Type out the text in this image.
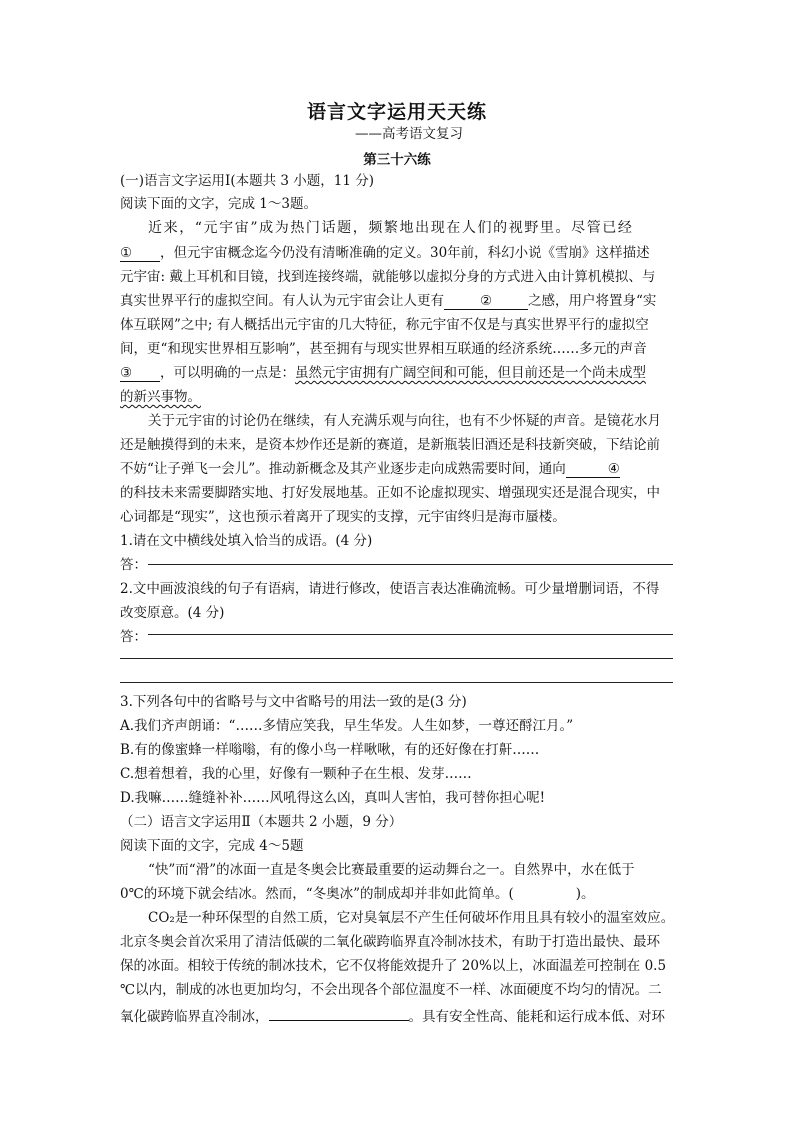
语言文字运用天天练
——高考语文复习
第三十六练
(一)语言文字运用Ⅰ(本题共 3 小题，11 分)
阅读下面的文字，完成 1～3题。
近来，“元宇宙”成为热门话题，频繁地出现在人们的视野里。尽管已经
① ，但元宇宙概念迄今仍没有清晰准确的定义。30年前，科幻小说《雪崩》这样描述
元宇宙: 戴上耳机和目镜，找到连接终端，就能够以虚拟分身的方式进入由计算机模拟、与
真实世界平行的虚拟空间。有人认为元宇宙会让人更有	②	之感，用户将置身“实
体互联网”之中; 有人概括出元宇宙的几大特征，称元宇宙不仅是与真实世界平行的虚拟空
间，更“和现实世界相互影响”，甚至拥有与现实世界相互联通的经济系统……多元的声音
③ ，可以明确的一点是：虽然元宇宙拥有广阔空间和可能，但目前还是一个尚未成型
的新兴事物。
关于元宇宙的讨论仍在继续，有人充满乐观与向往，也有不少怀疑的声音。是镜花水月
还是触摸得到的未来，是资本炒作还是新的赛道，是新瓶装旧酒还是科技新突破，下结论前
不妨“让子弹飞一会儿”。推动新概念及其产业逐步走向成熟需要时间，通向	④
的科技未来需要脚踏实地、打好发展地基。正如不论虚拟现实、增强现实还是混合现实，中
心词都是“现实”，这也预示着离开了现实的支撑，元宇宙终归是海市蜃楼。
1.请在文中横线处填入恰当的成语。(4 分)
答：
2.文中画波浪线的句子有语病，请进行修改，使语言表达准确流畅。可少量增删词语，不得
改变原意。(4 分)
答：
3.下列各句中的省略号与文中省略号的用法一致的是(3 分)
A.我们齐声朗诵：“……多情应笑我，早生华发。人生如梦，一尊还酹江月。”
B.有的像蜜蜂一样嗡嗡，有的像小鸟一样啾啾，有的还好像在打鼾……
C.想着想着，我的心里，好像有一颗种子在生根、发芽……
D.我嘛……缝缝补补……风吼得这么凶，真叫人害怕，我可替你担心呢!
（二）语言文字运用Ⅱ（本题共 2 小题，9 分）
阅读下面的文字，完成 4～5题
“快”而“滑”的冰面一直是冬奥会比赛最重要的运动舞台之一。自然界中，水在低于
0℃的环境下就会结冰。然而，“冬奥冰”的制成却并非如此简单。(	)。
CO₂是一种环保型的自然工质，它对臭氧层不产生任何破坏作用且具有较小的温室效应。
北京冬奥会首次采用了清洁低碳的二氧化碳跨临界直冷制冰技术，有助于打造出最快、最环
保的冰面。相较于传统的制冰技术，它不仅将能效提升了 20%以上，冰面温差可控制在 0.5
℃以内，制成的冰也更加均匀，不会出现各个部位温度不一样、冰面硬度不均匀的情况。二
氧化碳跨临界直冷制冰，	。具有安全性高、能耗和运行成本低、对环
